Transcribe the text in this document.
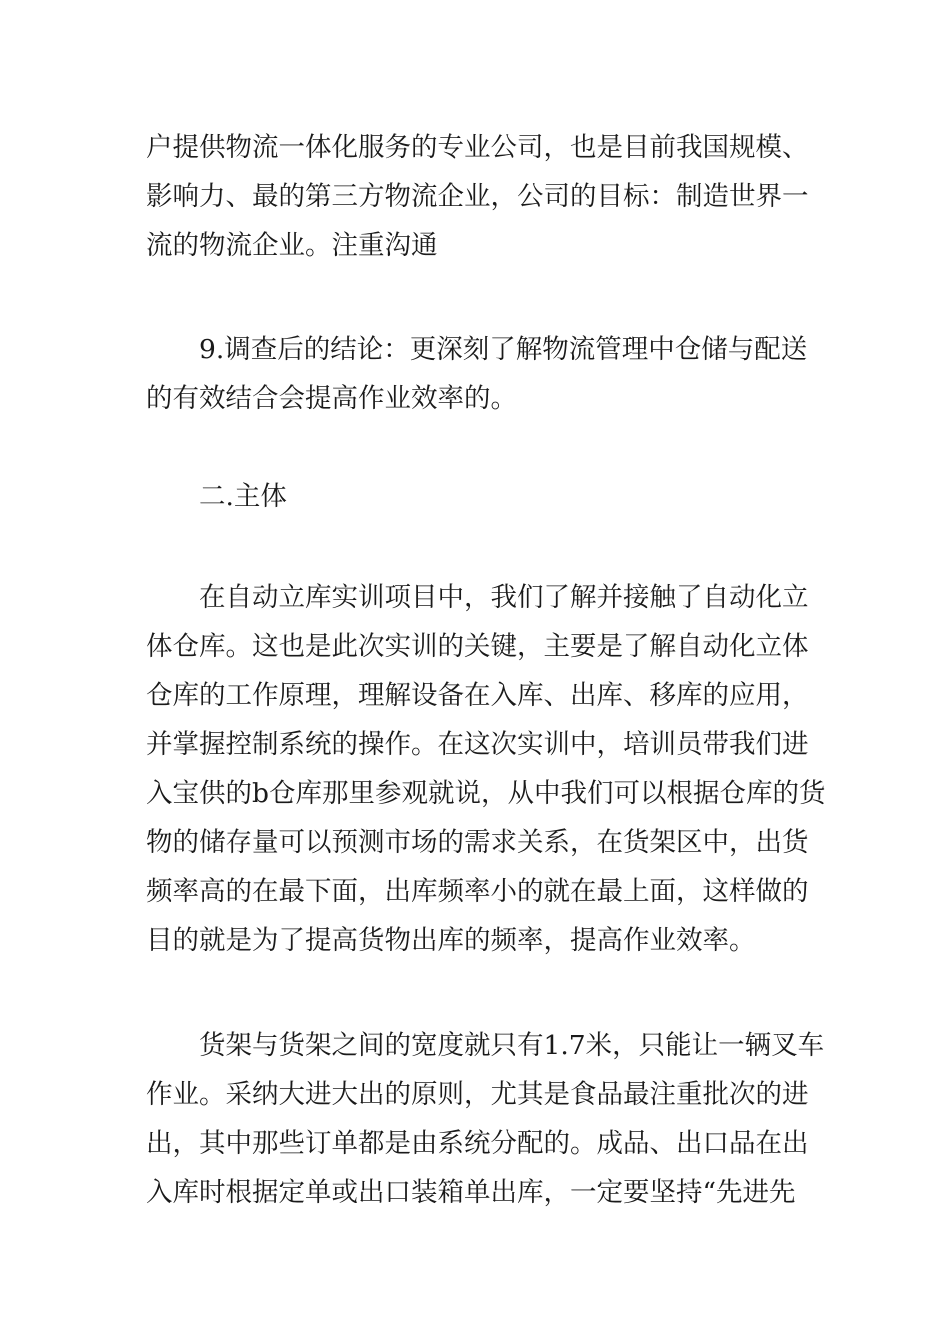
户提供物流一体化服务的专业公司，也是目前我国规模、
影响力、最的第三方物流企业，公司的目标：制造世界一
流的物流企业。注重沟通
9.调查后的结论：更深刻了解物流管理中仓储与配送
的有效结合会提高作业效率的。
二.主体
在自动立库实训项目中，我们了解并接触了自动化立
体仓库。这也是此次实训的关键，主要是了解自动化立体
仓库的工作原理，理解设备在入库、出库、移库的应用，
并掌握控制系统的操作。在这次实训中，培训员带我们进
入宝供的b仓库那里参观就说，从中我们可以根据仓库的货
物的储存量可以预测市场的需求关系，在货架区中，出货
频率高的在最下面，出库频率小的就在最上面，这样做的
目的就是为了提高货物出库的频率，提高作业效率。
货架与货架之间的宽度就只有1.7米，只能让一辆叉车
作业。采纳大进大出的原则，尤其是食品最注重批次的进
出，其中那些订单都是由系统分配的。成品、出口品在出
入库时根据定单或出口装箱单出库，一定要坚持“先进先
